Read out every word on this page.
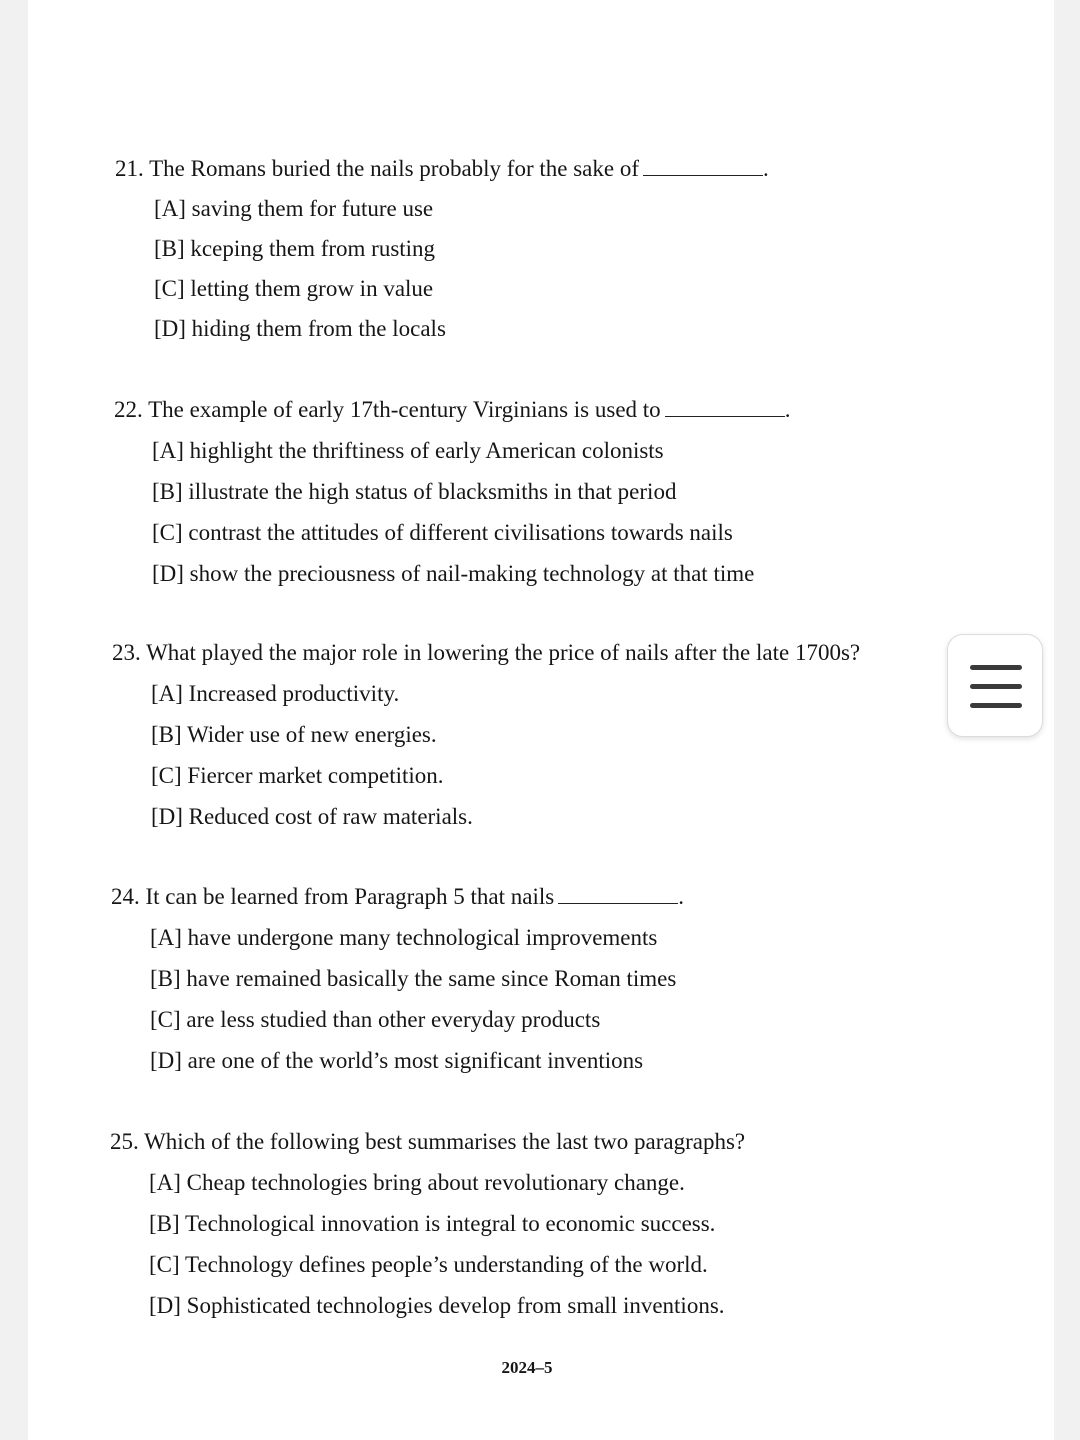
21. The Romans buried the nails probably for the sake of	.
[A] saving them for future use
[B] kceping them from rusting
[C] letting them grow in value
[D] hiding them from the locals
22. The example of early 17th-century Virginians is used to	.
[A] highlight the thriftiness of early American colonists
[B] illustrate the high status of blacksmiths in that period
[C] contrast the attitudes of different civilisations towards nails
[D] show the preciousness of nail-making technology at that time
23. What played the major role in lowering the price of nails after the late 1700s?
[A] Increased productivity.
[B] Wider use of new energies.
[C] Fiercer market competition.
[D] Reduced cost of raw materials.
24. It can be learned from Paragraph 5 that nails	.
[A] have undergone many technological improvements
[B] have remained basically the same since Roman times
[C] are less studied than other everyday products
[D] are one of the world’s most significant inventions
25. Which of the following best summarises the last two paragraphs?
[A] Cheap technologies bring about revolutionary change.
[B] Technological innovation is integral to economic success.
[C] Technology defines people’s understanding of the world.
[D] Sophisticated technologies develop from small inventions.
2024–5
